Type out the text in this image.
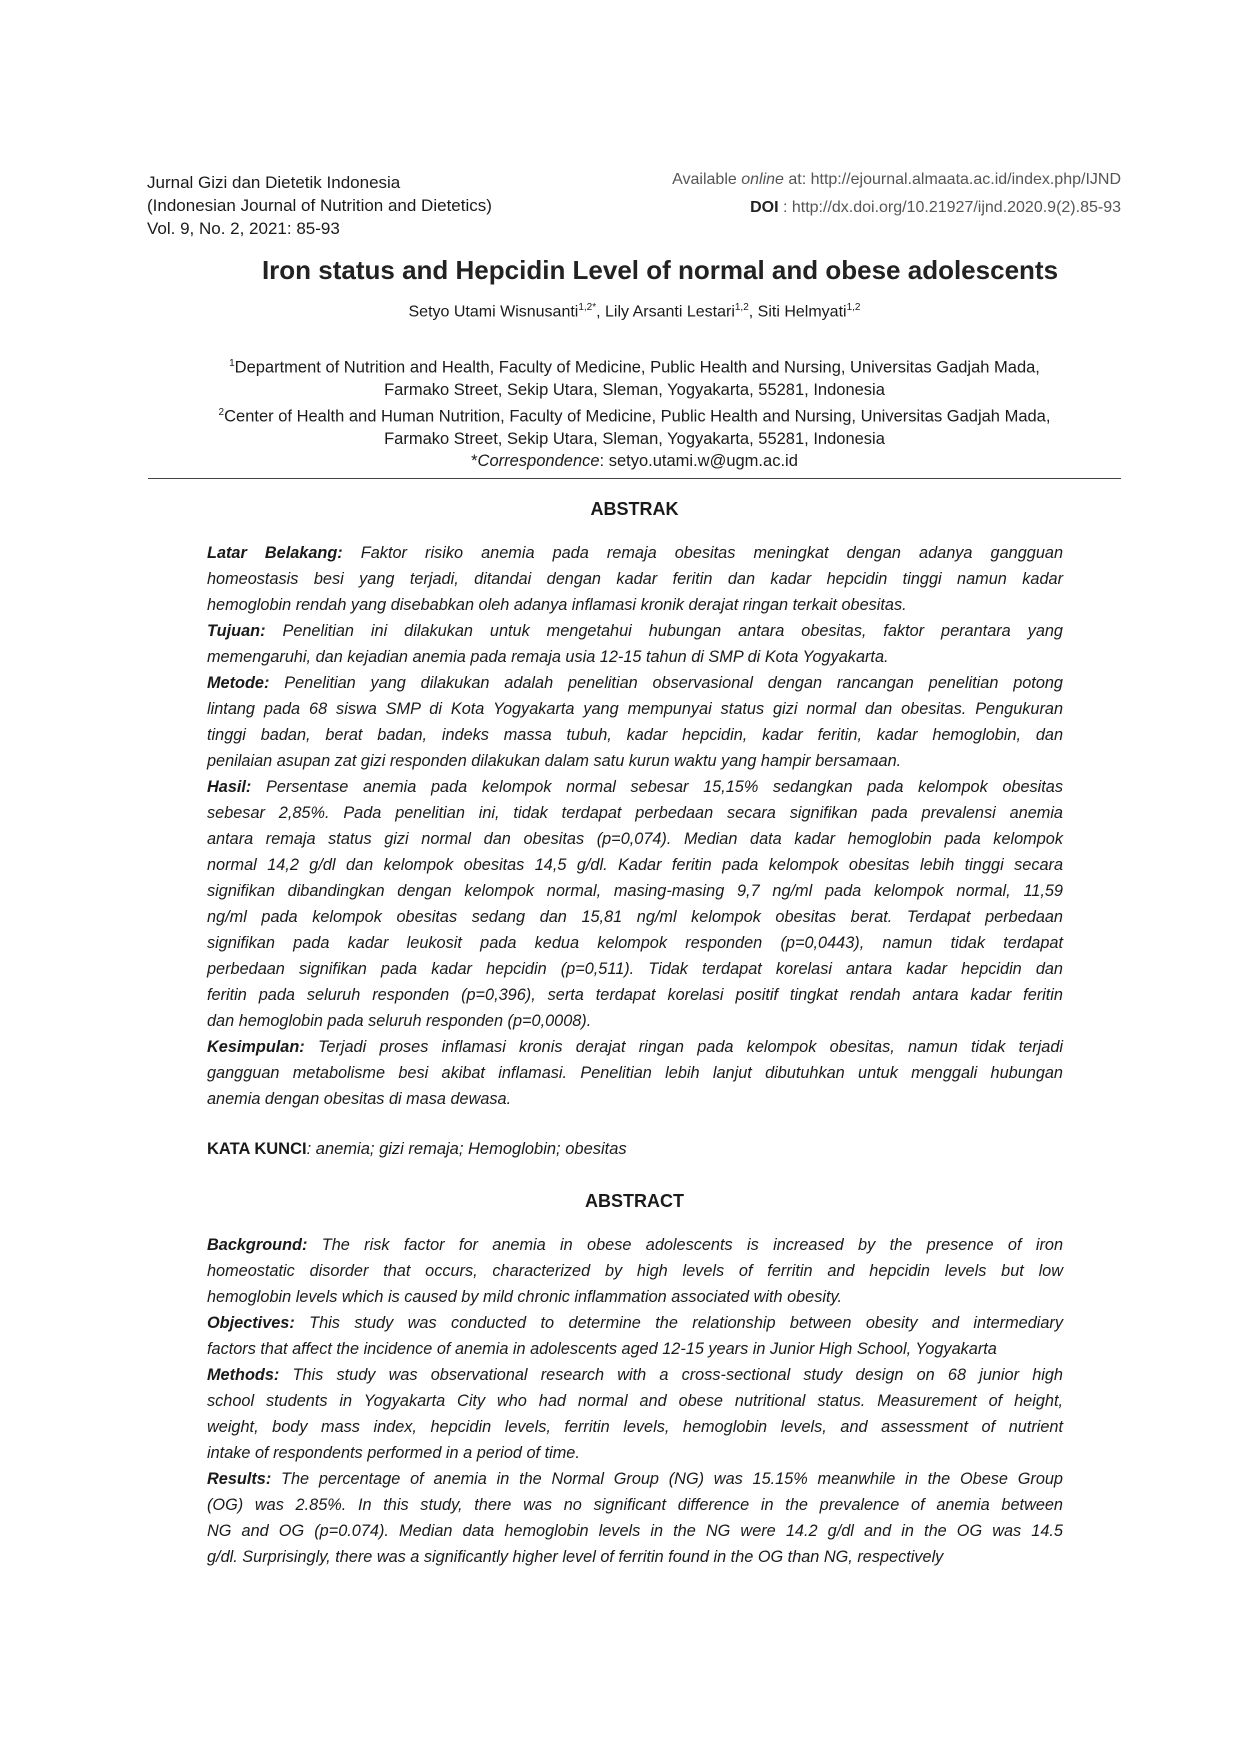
Jurnal Gizi dan Dietetik Indonesia
(Indonesian Journal of Nutrition and Dietetics)
Vol. 9, No. 2, 2021: 85-93
Available online at: http://ejournal.almaata.ac.id/index.php/IJND
DOI : http://dx.doi.org/10.21927/ijnd.2020.9(2).85-93
Iron status and Hepcidin Level of normal and obese adolescents
Setyo Utami Wisnusanti$^{1,2*}$, Lily Arsanti Lestari$^{1,2}$, Siti Helmyati$^{1,2}$
$^1$Department of Nutrition and Health, Faculty of Medicine, Public Health and Nursing, Universitas Gadjah Mada,
Farmako Street, Sekip Utara, Sleman, Yogyakarta, 55281, Indonesia
$^2$Center of Health and Human Nutrition, Faculty of Medicine, Public Health and Nursing, Universitas Gadjah Mada,
Farmako Street, Sekip Utara, Sleman, Yogyakarta, 55281, Indonesia
*Correspondence: setyo.utami.w@ugm.ac.id
ABSTRAK
Latar Belakang: Faktor risiko anemia pada remaja obesitas meningkat dengan adanya gangguan
homeostasis besi yang terjadi, ditandai dengan kadar feritin dan kadar hepcidin tinggi namun kadar
hemoglobin rendah yang disebabkan oleh adanya inflamasi kronik derajat ringan terkait obesitas.
Tujuan: Penelitian ini dilakukan untuk mengetahui hubungan antara obesitas, faktor perantara yang
memengaruhi, dan kejadian anemia pada remaja usia 12-15 tahun di SMP di Kota Yogyakarta.
Metode: Penelitian yang dilakukan adalah penelitian observasional dengan rancangan penelitian potong
lintang pada 68 siswa SMP di Kota Yogyakarta yang mempunyai status gizi normal dan obesitas. Pengukuran
tinggi badan, berat badan, indeks massa tubuh, kadar hepcidin, kadar feritin, kadar hemoglobin, dan
penilaian asupan zat gizi responden dilakukan dalam satu kurun waktu yang hampir bersamaan.
Hasil: Persentase anemia pada kelompok normal sebesar 15,15% sedangkan pada kelompok obesitas
sebesar 2,85%. Pada penelitian ini, tidak terdapat perbedaan secara signifikan pada prevalensi anemia
antara remaja status gizi normal dan obesitas (p=0,074). Median data kadar hemoglobin pada kelompok
normal 14,2 g/dl dan kelompok obesitas 14,5 g/dl. Kadar feritin pada kelompok obesitas lebih tinggi secara
signifikan dibandingkan dengan kelompok normal, masing-masing 9,7 ng/ml pada kelompok normal, 11,59
ng/ml pada kelompok obesitas sedang dan 15,81 ng/ml kelompok obesitas berat. Terdapat perbedaan
signifikan pada kadar leukosit pada kedua kelompok responden (p=0,0443), namun tidak terdapat
perbedaan signifikan pada kadar hepcidin (p=0,511). Tidak terdapat korelasi antara kadar hepcidin dan
feritin pada seluruh responden (p=0,396), serta terdapat korelasi positif tingkat rendah antara kadar feritin
dan hemoglobin pada seluruh responden (p=0,0008).
Kesimpulan: Terjadi proses inflamasi kronis derajat ringan pada kelompok obesitas, namun tidak terjadi
gangguan metabolisme besi akibat inflamasi. Penelitian lebih lanjut dibutuhkan untuk menggali hubungan
anemia dengan obesitas di masa dewasa.
KATA KUNCI: anemia; gizi remaja; Hemoglobin; obesitas
ABSTRACT
Background: The risk factor for anemia in obese adolescents is increased by the presence of iron
homeostatic disorder that occurs, characterized by high levels of ferritin and hepcidin levels but low
hemoglobin levels which is caused by mild chronic inflammation associated with obesity.
Objectives: This study was conducted to determine the relationship between obesity and intermediary
factors that affect the incidence of anemia in adolescents aged 12-15 years in Junior High School, Yogyakarta
Methods: This study was observational research with a cross-sectional study design on 68 junior high
school students in Yogyakarta City who had normal and obese nutritional status. Measurement of height,
weight, body mass index, hepcidin levels, ferritin levels, hemoglobin levels, and assessment of nutrient
intake of respondents performed in a period of time.
Results: The percentage of anemia in the Normal Group (NG) was 15.15% meanwhile in the Obese Group
(OG) was 2.85%. In this study, there was no significant difference in the prevalence of anemia between
NG and OG (p=0.074). Median data hemoglobin levels in the NG were 14.2 g/dl and in the OG was 14.5
g/dl. Surprisingly, there was a significantly higher level of ferritin found in the OG than NG, respectively
